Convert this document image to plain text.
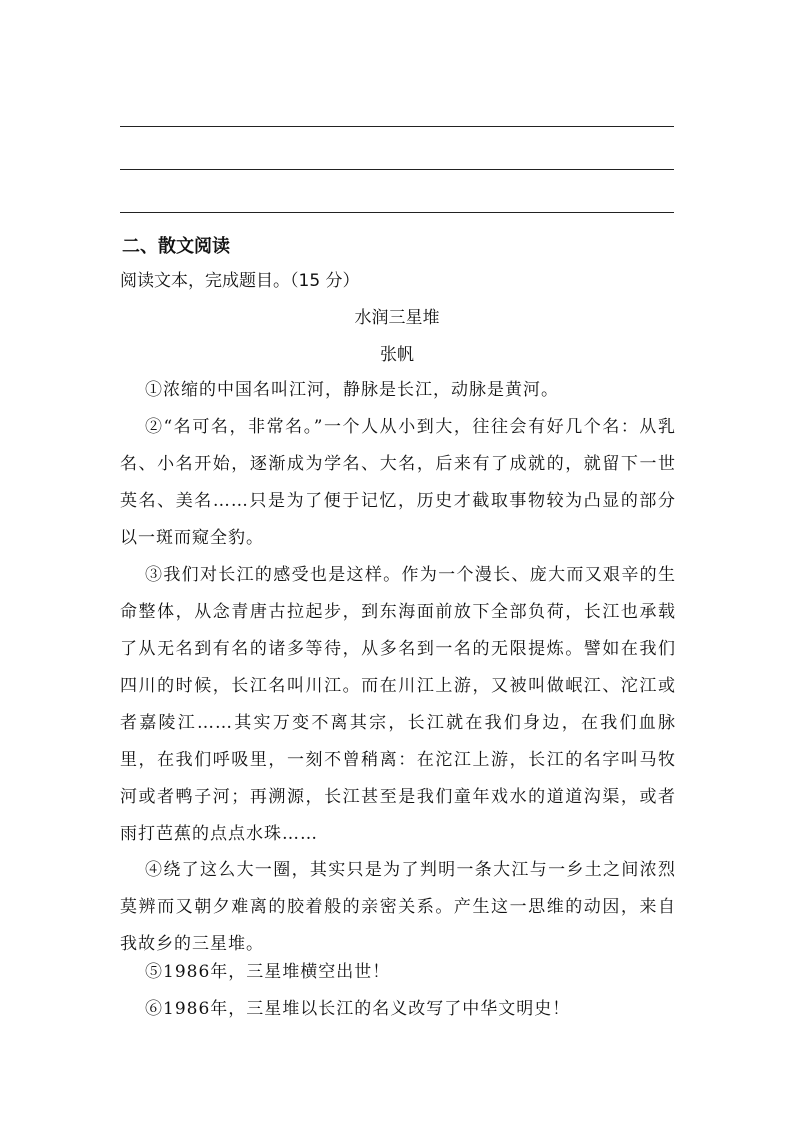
二、散文阅读
阅读文本，完成题目。（15 分）
水润三星堆
张帆
①浓缩的中国名叫江河，静脉是长江，动脉是黄河。
②“名可名，非常名。”一个人从小到大，往往会有好几个名：从乳名、小名开始，逐渐成为学名、大名，后来有了成就的，就留下一世英名、美名……只是为了便于记忆，历史才截取事物较为凸显的部分以一斑而窥全豹。
③我们对长江的感受也是这样。作为一个漫长、庞大而又艰辛的生命整体，从念青唐古拉起步，到东海面前放下全部负荷，长江也承载了从无名到有名的诸多等待，从多名到一名的无限提炼。譬如在我们四川的时候，长江名叫川江。而在川江上游，又被叫做岷江、沱江或者嘉陵江……其实万变不离其宗，长江就在我们身边，在我们血脉里，在我们呼吸里，一刻不曾稍离：在沱江上游，长江的名字叫马牧河或者鸭子河；再溯源，长江甚至是我们童年戏水的道道沟渠，或者雨打芭蕉的点点水珠……
④绕了这么大一圈，其实只是为了判明一条大江与一乡土之间浓烈莫辨而又朝夕难离的胶着般的亲密关系。产生这一思维的动因，来自我故乡的三星堆。
⑤1986年，三星堆横空出世！
⑥1986年，三星堆以长江的名义改写了中华文明史！
